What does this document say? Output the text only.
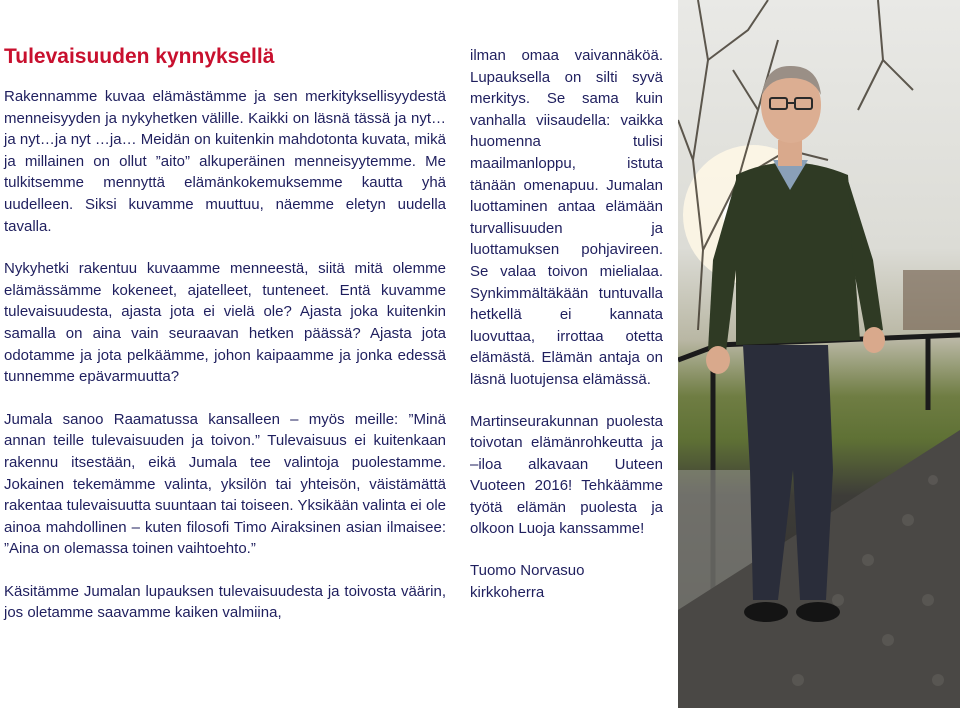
Tulevaisuuden kynnyksellä

Rakennamme kuvaa elämästämme ja sen merkityksellisyydestä menneisyyden ja nykyhetken välille. Kaikki on läsnä tässä ja nyt… ja nyt…ja nyt …ja… Meidän on kuitenkin mahdotonta kuvata, mikä ja millainen on ollut ”aito” alkuperäinen menneisyytemme. Me tulkitsemme mennyttä elämänkokemuksemme kautta yhä uudelleen. Siksi kuvamme muuttuu, näemme eletyn uudella tavalla.

Nykyhetki rakentuu kuvaamme menneestä, siitä mitä olemme elämässämme kokeneet, ajatelleet, tunteneet. Entä kuvamme tulevaisuudesta, ajasta jota ei vielä ole? Ajasta joka kuitenkin samalla on aina vain seuraavan hetken päässä? Ajasta jota odotamme ja jota pelkäämme, johon kaipaamme ja jonka edessä tunnemme epävarmuutta?

Jumala sanoo Raamatussa kansalleen – myös meille: ”Minä annan teille tulevaisuuden ja toivon.” Tulevaisuus ei kuitenkaan rakennu itsestään, eikä Jumala tee valintoja puolestamme. Jokainen tekemämme valinta, yksilön tai yhteisön, väistämättä rakentaa tulevaisuutta suuntaan tai toiseen. Yksikään valinta ei ole ainoa mahdollinen – kuten filosofi Timo Airaksinen asian ilmaisee: ”Aina on olemassa toinen vaihtoehto.”

Käsitämme Jumalan lupauksen tulevaisuudesta ja toivosta väärin, jos oletamme saavamme kaiken valmiina,

ilman omaa vaivannäköä. Lupauksella on silti syvä merkitys. Se sama kuin vanhalla viisaudella: vaikka huomenna tulisi maailmanloppu, istuta tänään omenapuu. Jumalan luottaminen antaa elämään turvallisuuden ja luottamuksen pohjavireen. Se valaa toivon mielialaa. Synkimmältäkään tuntuvalla hetkellä ei kannata luovuttaa, irrottaa otetta elämästä. Elämän antaja on läsnä luotujensa elämässä.

Martinseurakunnan puolesta toivotan elämänrohkeutta ja –iloa alkavaan Uuteen Vuoteen 2016! Tehkäämme työtä elämän puolesta ja olkoon Luoja kanssamme!

Tuomo Norvasuo
kirkkoherra
